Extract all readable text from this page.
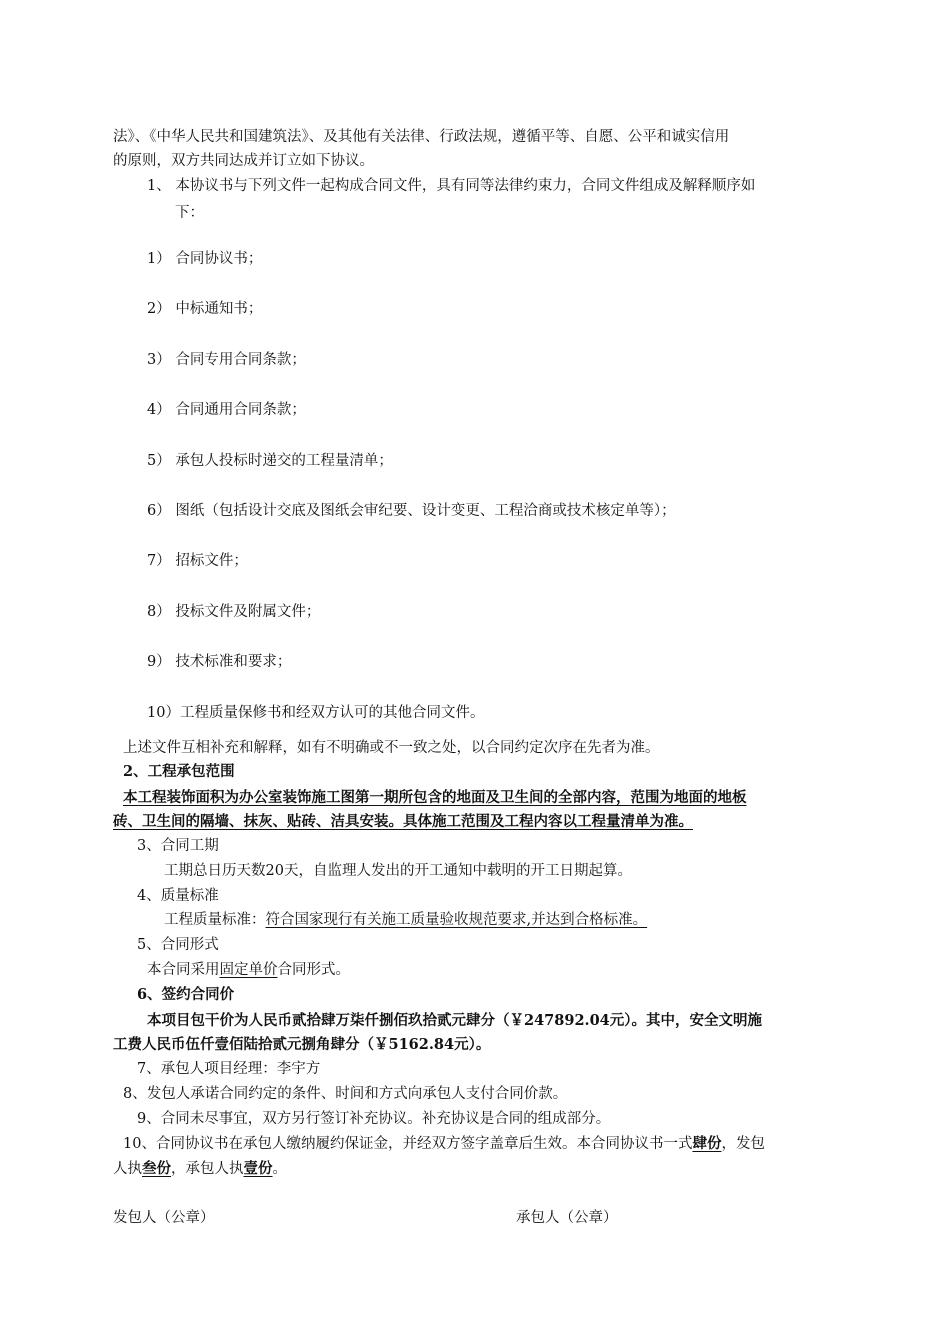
法》、《中华人民共和国建筑法》、及其他有关法律、行政法规，遵循平等、自愿、公平和诚实信用
的原则，双方共同达成并订立如下协议。
1、 本协议书与下列文件一起构成合同文件，具有同等法律约束力，合同文件组成及解释顺序如
下：
1） 合同协议书；
2） 中标通知书；
3） 合同专用合同条款；
4） 合同通用合同条款；
5） 承包人投标时递交的工程量清单；
6） 图纸（包括设计交底及图纸会审纪要、设计变更、工程洽商或技术核定单等）；
7） 招标文件；
8） 投标文件及附属文件；
9） 技术标准和要求；
10）工程质量保修书和经双方认可的其他合同文件。
上述文件互相补充和解释，如有不明确或不一致之处，以合同约定次序在先者为准。
2、工程承包范围
本工程装饰面积为办公室装饰施工图第一期所包含的地面及卫生间的全部内容，范围为地面的地板
砖、卫生间的隔墙、抹灰、贴砖、洁具安装。具体施工范围及工程内容以工程量清单为准。
3、合同工期
工期总日历天数20天，自监理人发出的开工通知中载明的开工日期起算。
4、质量标准
工程质量标准：符合国家现行有关施工质量验收规范要求,并达到合格标准。
5、合同形式
本合同采用固定单价合同形式。
6、签约合同价
本项目包干价为人民币贰拾肆万柒仟捌佰玖拾贰元肆分（￥247892.04元）。其中，安全文明施
工费人民币伍仟壹佰陆拾贰元捌角肆分（￥5162.84元）。
7、承包人项目经理：李宇方
8、发包人承诺合同约定的条件、时间和方式向承包人支付合同价款。
9、合同未尽事宜，双方另行签订补充协议。补充协议是合同的组成部分。
10、合同协议书在承包人缴纳履约保证金，并经双方签字盖章后生效。本合同协议书一式肆份，发包
人执叁份，承包人执壹份。
发包人（公章）	承包人（公章）
